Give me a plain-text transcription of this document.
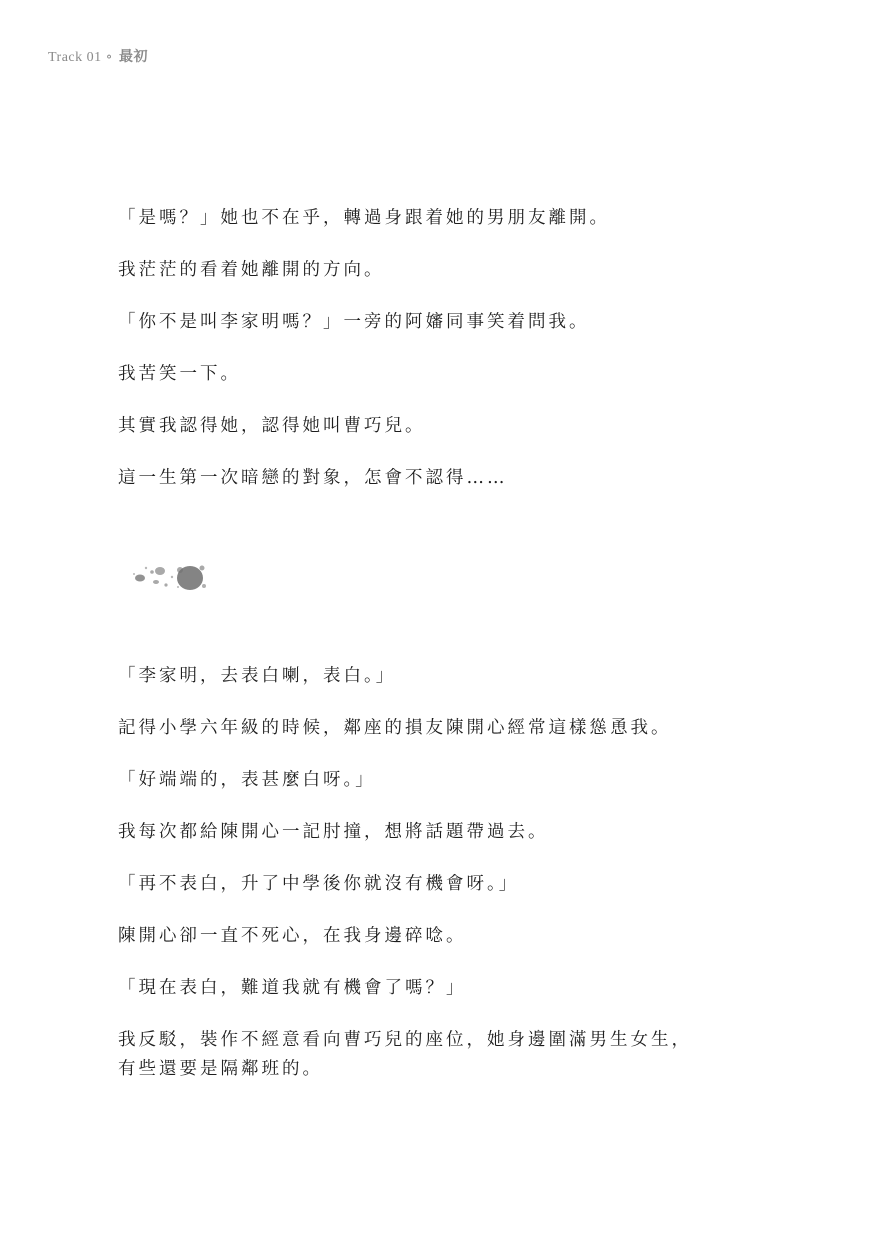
Track 01 ∘ 最初

「是嗎？」她也不在乎，轉過身跟着她的男朋友離開。

我茫茫的看着她離開的方向。

「你不是叫李家明嗎？」一旁的阿嬸同事笑着問我。

我苦笑一下。

其實我認得她，認得她叫曹巧兒。

這一生第一次暗戀的對象，怎會不認得……

「李家明，去表白喇，表白。」

記得小學六年級的時候，鄰座的損友陳開心經常這樣慫恿我。

「好端端的，表甚麼白呀。」

我每次都給陳開心一記肘撞，想將話題帶過去。

「再不表白，升了中學後你就沒有機會呀。」

陳開心卻一直不死心，在我身邊碎唸。

「現在表白，難道我就有機會了嗎？」

我反駁，裝作不經意看向曹巧兒的座位，她身邊圍滿男生女生，有些還要是隔鄰班的。
